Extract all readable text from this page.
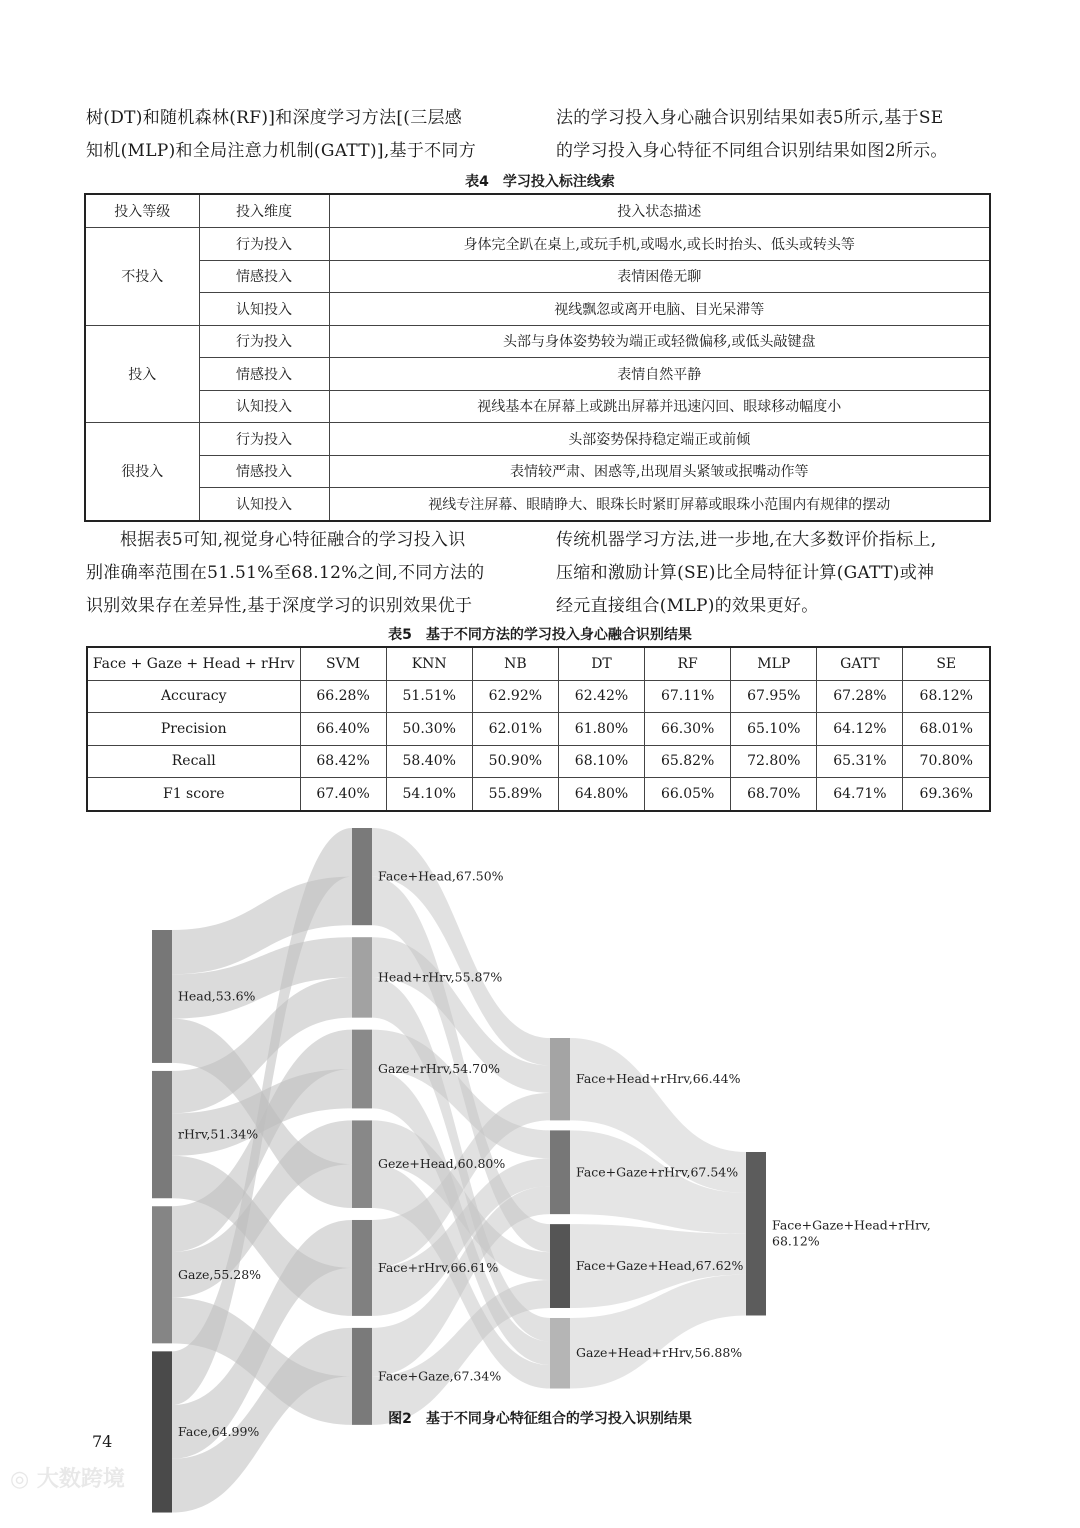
树(DT)和随机森林(RF)]和深度学习方法[(三层感

知机(MLP)和全局注意力机制(GATT)],基于不同方

法的学习投入身心融合识别结果如表5所示,基于SE

的学习投入身心特征不同组合识别结果如图2所示。

表4　学习投入标注线索
投入等级	投入维度	投入状态描述
不投入	行为投入	身体完全趴在桌上,或玩手机,或喝水,或长时抬头、低头或转头等
	情感投入	表情困倦无聊
	认知投入	视线飘忽或离开电脑、目光呆滞等
投入	行为投入	头部与身体姿势较为端正或轻微偏移,或低头敲键盘
	情感投入	表情自然平静
	认知投入	视线基本在屏幕上或跳出屏幕并迅速闪回、眼球移动幅度小
很投入	行为投入	头部姿势保持稳定端正或前倾
	情感投入	表情较严肃、困惑等,出现眉头紧皱或抿嘴动作等
	认知投入	视线专注屏幕、眼睛睁大、眼珠长时紧盯屏幕或眼珠小范围内有规律的摆动

根据表5可知,视觉身心特征融合的学习投入识

别准确率范围在51.51%至68.12%之间,不同方法的

识别效果存在差异性,基于深度学习的识别效果优于

传统机器学习方法,进一步地,在大多数评价指标上,

压缩和激励计算(SE)比全局特征计算(GATT)或神

经元直接组合(MLP)的效果更好。

表5　基于不同方法的学习投入身心融合识别结果
Face + Gaze + Head + rHrv	SVM	KNN	NB	DT	RF	MLP	GATT	SE
Accuracy	66.28%	51.51%	62.92%	62.42%	67.11%	67.95%	67.28%	68.12%
Precision	66.40%	50.30%	62.01%	61.80%	66.30%	65.10%	64.12%	68.01%
Recall	68.42%	58.40%	50.90%	68.10%	65.82%	72.80%	65.31%	70.80%
F1 score	67.40%	54.10%	55.89%	64.80%	66.05%	68.70%	64.71%	69.36%
Head,53.6%
rHrv,51.34%
Gaze,55.28%
Face,64.99%
Face+Head,67.50%
Head+rHrv,55.87%
Gaze+rHrv,54.70%
Geze+Head,60.80%
Face+rHrv,66.61%
Face+Gaze,67.34%
Face+Head+rHrv,66.44%
Face+Gaze+rHrv,67.54%
Face+Gaze+Head,67.62%
Gaze+Head+rHrv,56.88%
Face+Gaze+Head+rHrv,
68.12%
图2　基于不同身心特征组合的学习投入识别结果
74
◎ 大数跨境
